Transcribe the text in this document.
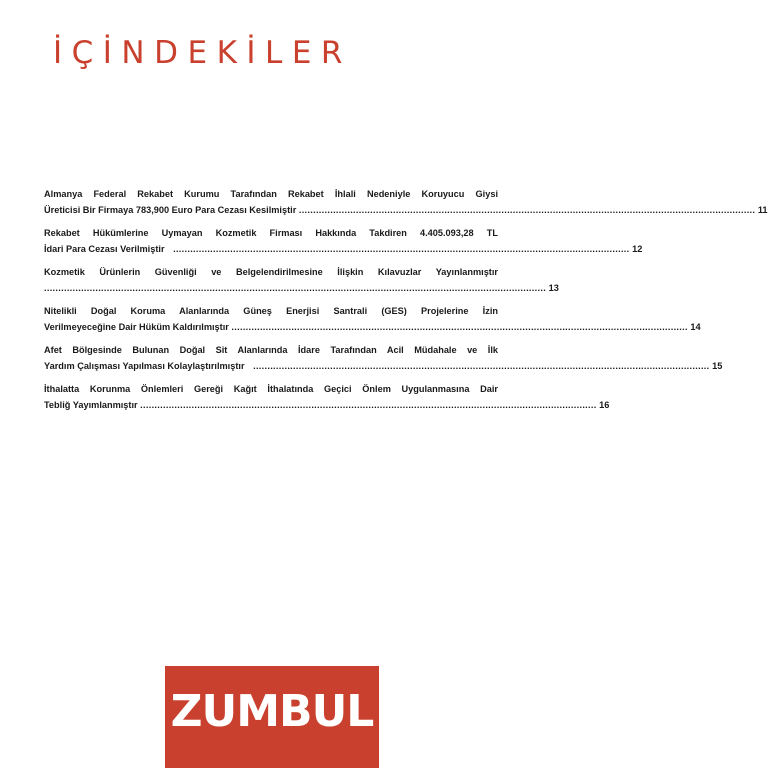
İÇİNDEKİLER
Almanya Federal Rekabet Kurumu Tarafından Rekabet İhlali Nedeniyle Koruyucu Giysi
Üreticisi Bir Firmaya 783,900 Euro Para Cezası Kesilmiştir ................................................................................................................................................................ 11
Rekabet Hükümlerine Uymayan Kozmetik Firması Hakkında Takdiren 4.405.093,28 TL
İdari Para Cezası Verilmiştir ................................................................................................................................................................ 12
Kozmetik Ürünlerin Güvenliği ve Belgelendirilmesine İlişkin Kılavuzlar Yayınlanmıştır
................................................................................................................................................................................ 13
Nitelikli Doğal Koruma Alanlarında Güneş Enerjisi Santrali (GES) Projelerine İzin
Verilmeyeceğine Dair Hüküm Kaldırılmıştır ................................................................................................................................................................ 14
Afet Bölgesinde Bulunan Doğal Sit Alanlarında İdare Tarafından Acil Müdahale ve İlk
Yardım Çalışması Yapılması Kolaylaştırılmıştır ................................................................................................................................................................ 15
İthalatta Korunma Önlemleri Gereği Kağıt İthalatında Geçici Önlem Uygulanmasına Dair
Tebliğ Yayımlanmıştır ................................................................................................................................................................ 16
ZUMBUL
